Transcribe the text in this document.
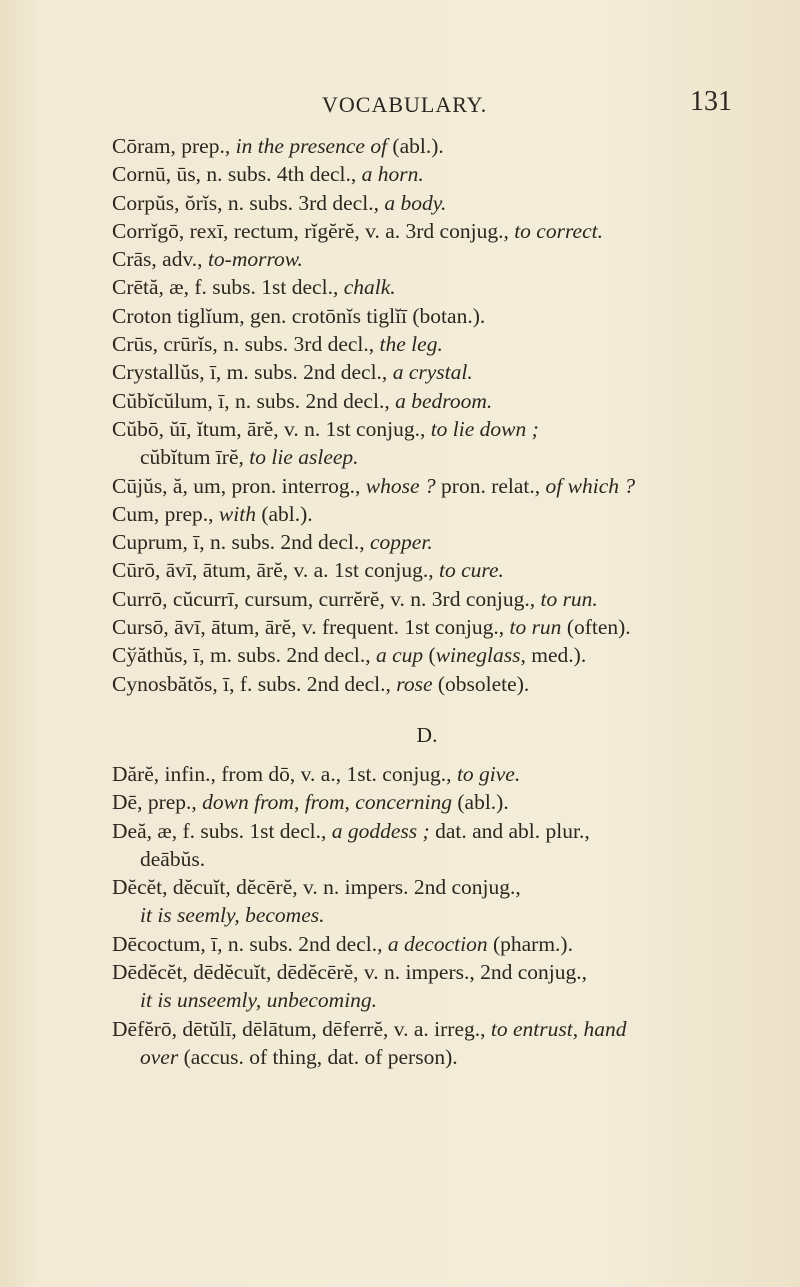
VOCABULARY.	131
Cōram, prep., in the presence of (abl.).
Cornū, ūs, n. subs. 4th decl., a horn.
Corpŭs, ŏrĭs, n. subs. 3rd decl., a body.
Corrĭgō, rexī, rectum, rĭgĕrĕ, v. a. 3rd conjug., to correct.
Crās, adv., to-morrow.
Crētă, æ, f. subs. 1st decl., chalk.
Croton tiglĭum, gen. crotōnĭs tiglĭī (botan.).
Crūs, crūrĭs, n. subs. 3rd decl., the leg.
Crystallŭs, ī, m. subs. 2nd decl., a crystal.
Cŭbĭcŭlum, ī, n. subs. 2nd decl., a bedroom.
Cŭbō, ŭī, ĭtum, ārĕ, v. n. 1st conjug., to lie down ;
cŭbĭtum īrĕ, to lie asleep.
Cūjŭs, ă, um, pron. interrog., whose ? pron. relat., of which ?
Cum, prep., with (abl.).
Cuprum, ī, n. subs. 2nd decl., copper.
Cūrō, āvī, ātum, ārĕ, v. a. 1st conjug., to cure.
Currō, cŭcurrī, cursum, currĕrĕ, v. n. 3rd conjug., to run.
Cursō, āvī, ātum, ārĕ, v. frequent. 1st conjug., to run (often).
Cўăthŭs, ī, m. subs. 2nd decl., a cup (wineglass, med.).
Cynosbătŏs, ī, f. subs. 2nd decl., rose (obsolete).
D.
Dărĕ, infin., from dō, v. a., 1st. conjug., to give.
Dē, prep., down from, from, concerning (abl.).
Deă, æ, f. subs. 1st decl., a goddess ; dat. and abl. plur.,
deābŭs.
Dĕcĕt, dĕcuĭt, dĕcērĕ, v. n. impers. 2nd conjug.,
it is seemly, becomes.
Dēcoctum, ī, n. subs. 2nd decl., a decoction (pharm.).
Dēdĕcĕt, dēdĕcuĭt, dēdĕcērĕ, v. n. impers., 2nd conjug.,
it is unseemly, unbecoming.
Dēfĕrō, dētŭlī, dēlātum, dēferrĕ, v. a. irreg., to entrust, hand
over (accus. of thing, dat. of person).
